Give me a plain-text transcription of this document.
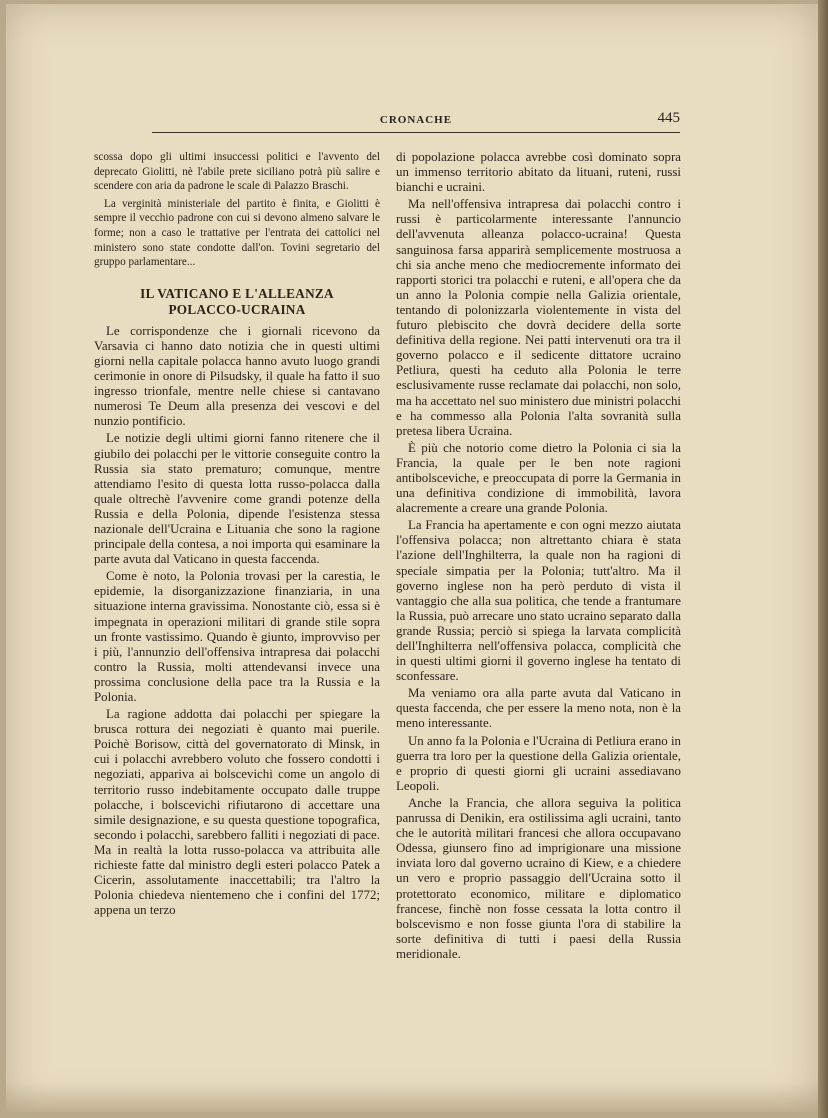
CRONACHE	445

scossa dopo gli ultimi insuccessi politici e l'avvento del deprecato Giolitti, nè l'abile prete siciliano potrà più salire e scendere con aria da padrone le scale di Palazzo Braschi.

La verginità ministeriale del partito è finita, e Giolitti è sempre il vecchio padrone con cui si devono almeno salvare le forme; non a caso le trattative per l'entrata dei cattolici nel ministero sono state condotte dall'on. Tovini segretario del gruppo parlamentare...

IL VATICANO E L'ALLEANZA
POLACCO-UCRAINA

Le corrispondenze che i giornali ricevono da Varsavia ci hanno dato notizia che in questi ultimi giorni nella capitale polacca hanno avuto luogo grandi cerimonie in onore di Pilsudsky, il quale ha fatto il suo ingresso trionfale, mentre nelle chiese si cantavano numerosi Te Deum alla presenza dei vescovi e del nunzio pontificio.

Le notizie degli ultimi giorni fanno ritenere che il giubilo dei polacchi per le vittorie conseguite contro la Russia sia stato prematuro; comunque, mentre attendiamo l'esito di questa lotta russo-polacca dalla quale oltrechè l'avvenire come grandi potenze della Russia e della Polonia, dipende l'esistenza stessa nazionale dell'Ucraina e Lituania che sono la ragione principale della contesa, a noi importa qui esaminare la parte avuta dal Vaticano in questa faccenda.

Come è noto, la Polonia trovasi per la carestia, le epidemie, la disorganizzazione finanziaria, in una situazione interna gravissima. Nonostante ciò, essa si è impegnata in operazioni militari di grande stile sopra un fronte vastissimo. Quando è giunto, improvviso per i più, l'annunzio dell'offensiva intrapresa dai polacchi contro la Russia, molti attendevansi invece una prossima conclusione della pace tra la Russia e la Polonia.

La ragione addotta dai polacchi per spiegare la brusca rottura dei negoziati è quanto mai puerile. Poichè Borisow, città del governatorato di Minsk, in cui i polacchi avrebbero voluto che fossero condotti i negoziati, appariva ai bolscevichi come un angolo di territorio russo indebitamente occupato dalle truppe polacche, i bolscevichi rifiutarono di accettare una simile designazione, e su questa questione topografica, secondo i polacchi, sarebbero falliti i negoziati di pace. Ma in realtà la lotta russo-polacca va attribuita alle richieste fatte dal ministro degli esteri polacco Patek a Cicerin, assolutamente inaccettabili; tra l'altro la Polonia chiedeva nientemeno che i confini del 1772; appena un terzo

di popolazione polacca avrebbe così dominato sopra un immenso territorio abitato da lituani, ruteni, russi bianchi e ucraini.

Ma nell'offensiva intrapresa dai polacchi contro i russi è particolarmente interessante l'annuncio dell'avvenuta alleanza polacco-ucraina! Questa sanguinosa farsa apparirà semplicemente mostruosa a chi sia anche meno che mediocremente informato dei rapporti storici tra polacchi e ruteni, e all'opera che da un anno la Polonia compie nella Galizia orientale, tentando di polonizzarla violentemente in vista del futuro plebiscito che dovrà decidere della sorte definitiva della regione. Nei patti intervenuti ora tra il governo polacco e il sedicente dittatore ucraino Petliura, questi ha ceduto alla Polonia le terre esclusivamente russe reclamate dai polacchi, non solo, ma ha accettato nel suo ministero due ministri polacchi e ha commesso alla Polonia l'alta sovranità sulla pretesa libera Ucraina.

È più che notorio come dietro la Polonia ci sia la Francia, la quale per le ben note ragioni antibolsceviche, e preoccupata di porre la Germania in una definitiva condizione di immobilità, lavora alacremente a creare una grande Polonia.

La Francia ha apertamente e con ogni mezzo aiutata l'offensiva polacca; non altrettanto chiara è stata l'azione dell'Inghilterra, la quale non ha ragioni di speciale simpatia per la Polonia; tutt'altro. Ma il governo inglese non ha però perduto di vista il vantaggio che alla sua politica, che tende a frantumare la Russia, può arrecare uno stato ucraino separato dalla grande Russia; perciò si spiega la larvata complicità dell'Inghilterra nell'offensiva polacca, complicità che in questi ultimi giorni il governo inglese ha tentato di sconfessare.

Ma veniamo ora alla parte avuta dal Vaticano in questa faccenda, che per essere la meno nota, non è la meno interessante.

Un anno fa la Polonia e l'Ucraina di Petliura erano in guerra tra loro per la questione della Galizia orientale, e proprio di questi giorni gli ucraini assediavano Leopoli.

Anche la Francia, che allora seguiva la politica panrussa di Denikin, era ostilissima agli ucraini, tanto che le autorità militari francesi che allora occupavano Odessa, giunsero fino ad imprigionare una missione inviata loro dal governo ucraino di Kiew, e a chiedere un vero e proprio passaggio dell'Ucraina sotto il protettorato economico, militare e diplomatico francese, finchè non fosse cessata la lotta contro il bolscevismo e non fosse giunta l'ora di stabilire la sorte definitiva di tutti i paesi della Russia meridionale.
